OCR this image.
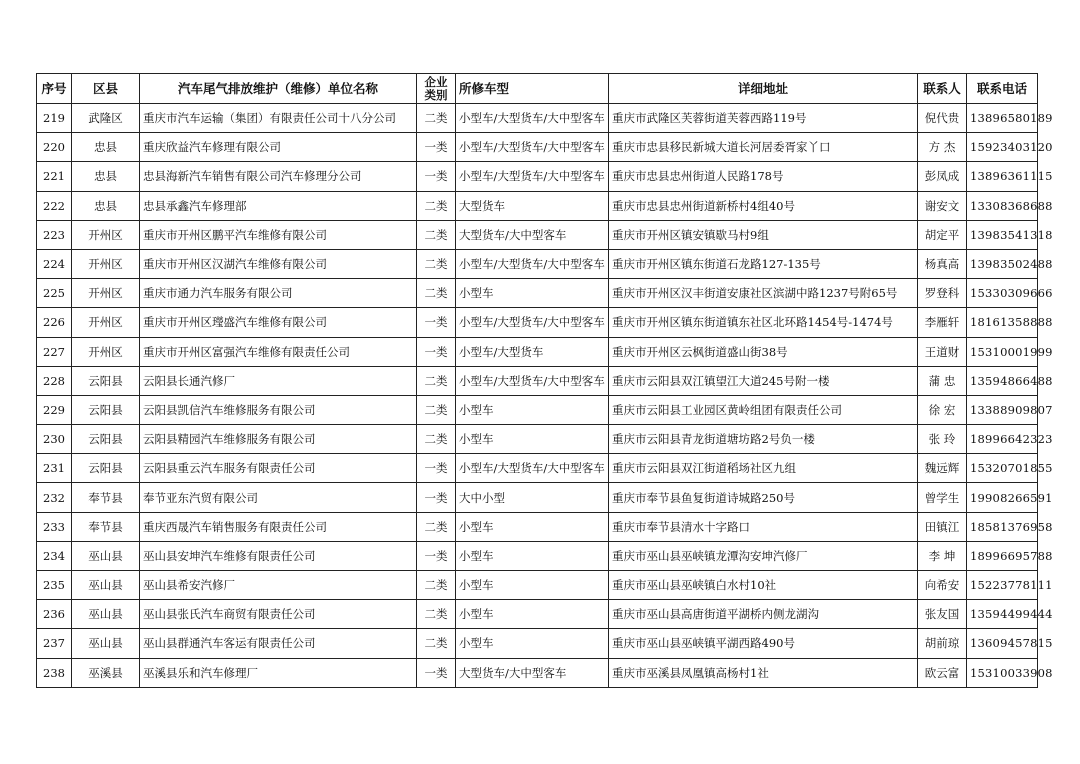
序号	区县	汽车尾气排放维护（维修）单位名称	企业类别	所修车型	详细地址	联系人	联系电话
219	武隆区	重庆市汽车运输（集团）有限责任公司十八分公司	二类	小型车/大型货车/大中型客车	重庆市武隆区芙蓉街道芙蓉西路119号	倪代贵	13896580189
220	忠县	重庆欣益汽车修理有限公司	一类	小型车/大型货车/大中型客车	重庆市忠县移民新城大道长河居委胥家丫口	方 杰	15923403120
221	忠县	忠县海新汽车销售有限公司汽车修理分公司	一类	小型车/大型货车/大中型客车	重庆市忠县忠州街道人民路178号	彭凤成	13896361115
222	忠县	忠县承鑫汽车修理部	二类	大型货车	重庆市忠县忠州街道新桥村4组40号	谢安文	13308368688
223	开州区	重庆市开州区鹏平汽车维修有限公司	二类	大型货车/大中型客车	重庆市开州区镇安镇歇马村9组	胡定平	13983541318
224	开州区	重庆市开州区汉湖汽车维修有限公司	二类	小型车/大型货车/大中型客车	重庆市开州区镇东街道石龙路127-135号	杨真高	13983502488
225	开州区	重庆市通力汽车服务有限公司	二类	小型车	重庆市开州区汉丰街道安康社区滨湖中路1237号附65号	罗登科	15330309666
226	开州区	重庆市开州区㼆盛汽车维修有限公司	一类	小型车/大型货车/大中型客车	重庆市开州区镇东街道镇东社区北环路1454号-1474号	李雁轩	18161358888
227	开州区	重庆市开州区富强汽车维修有限责任公司	一类	小型车/大型货车	重庆市开州区云枫街道盛山街38号	王道财	15310001999
228	云阳县	云阳县长通汽修厂	二类	小型车/大型货车/大中型客车	重庆市云阳县双江镇望江大道245号附一楼	蒲 忠	13594866488
229	云阳县	云阳县凯信汽车维修服务有限公司	二类	小型车	重庆市云阳县工业园区黄岭组团有限责任公司	徐 宏	13388909807
230	云阳县	云阳县精园汽车维修服务有限公司	二类	小型车	重庆市云阳县青龙街道塘坊路2号负一楼	张 玲	18996642323
231	云阳县	云阳县重云汽车服务有限责任公司	一类	小型车/大型货车/大中型客车	重庆市云阳县双江街道稻场社区九组	魏远辉	15320701855
232	奉节县	奉节亚东汽贸有限公司	一类	大中小型	重庆市奉节县鱼复街道诗城路250号	曾学生	19908266591
233	奉节县	重庆西晟汽车销售服务有限责任公司	二类	小型车	重庆市奉节县清水十字路口	田镇江	18581376958
234	巫山县	巫山县安坤汽车维修有限责任公司	一类	小型车	重庆市巫山县巫峡镇龙潭沟安坤汽修厂	李 坤	18996695788
235	巫山县	巫山县希安汽修厂	二类	小型车	重庆市巫山县巫峡镇白水村10社	向希安	15223778111
236	巫山县	巫山县张氏汽车商贸有限责任公司	二类	小型车	重庆市巫山县高唐街道平湖桥内侧龙湖沟	张友国	13594499444
237	巫山县	巫山县群通汽车客运有限责任公司	二类	小型车	重庆市巫山县巫峡镇平湖西路490号	胡前琼	13609457815
238	巫溪县	巫溪县乐和汽车修理厂	一类	大型货车/大中型客车	重庆市巫溪县凤凰镇高杨村1社	欧云富	15310033908
